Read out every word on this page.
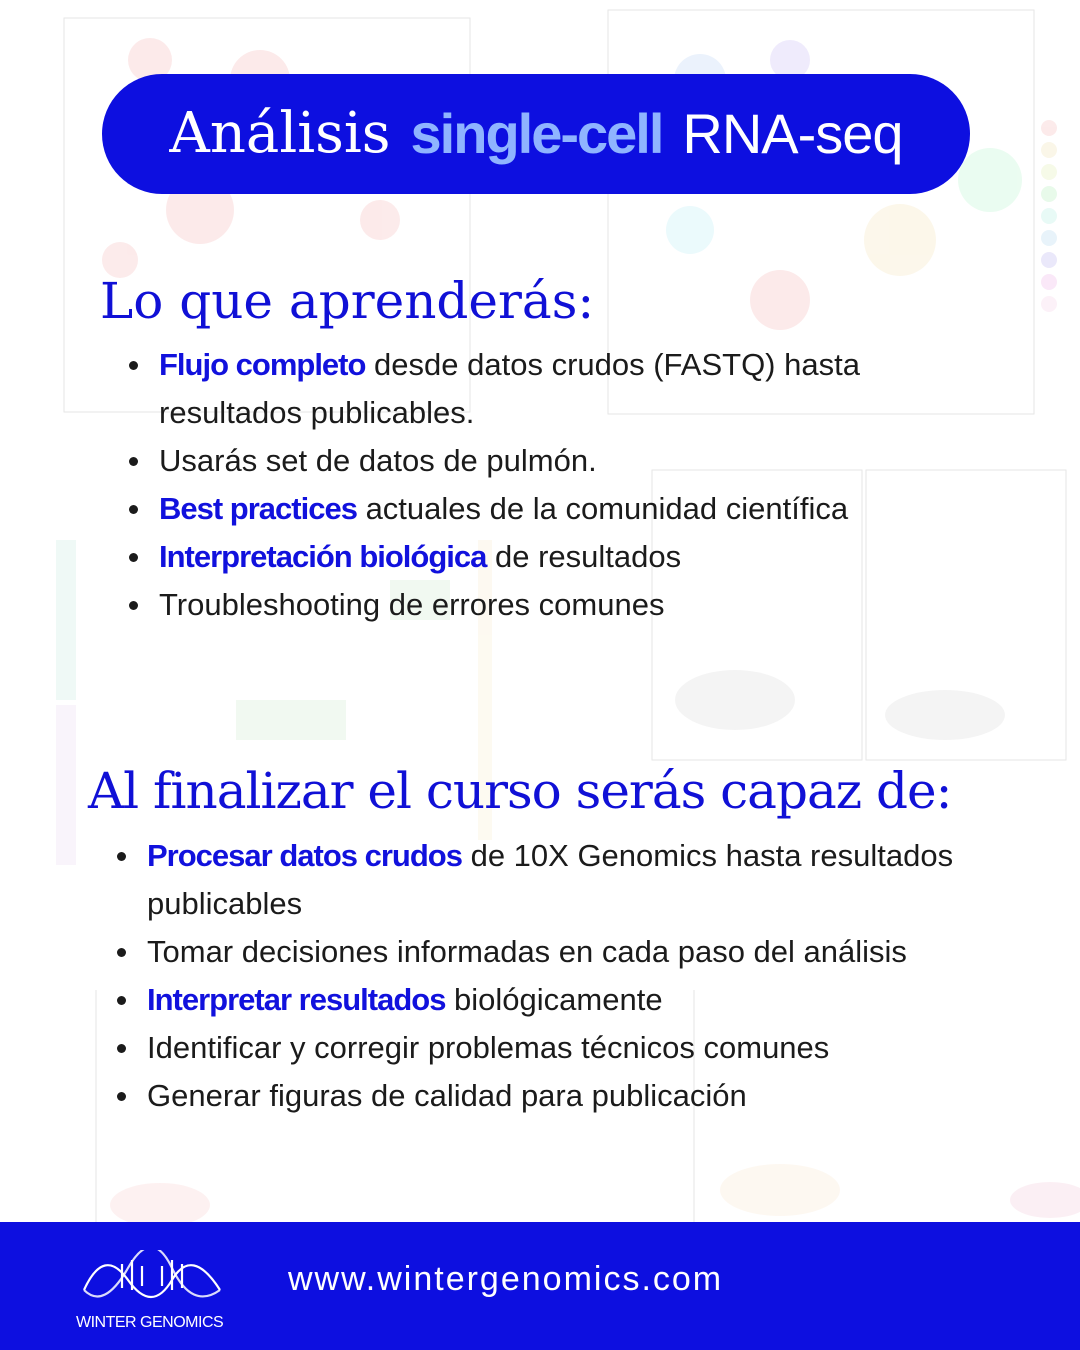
Análisis single-cell RNA-seq
Lo que aprenderás:
Flujo completo desde datos crudos (FASTQ) hasta resultados publicables.
Usarás set de datos de pulmón.
Best practices actuales de la comunidad científica
Interpretación biológica de resultados
Troubleshooting de errores comunes
Al finalizar el curso serás capaz de:
Procesar datos crudos de 10X Genomics hasta resultados publicables
Tomar decisiones informadas en cada paso del análisis
Interpretar resultados biológicamente
Identificar y corregir problemas técnicos comunes
Generar figuras de calidad para publicación
WINTER GENOMICS
www.wintergenomics.com
